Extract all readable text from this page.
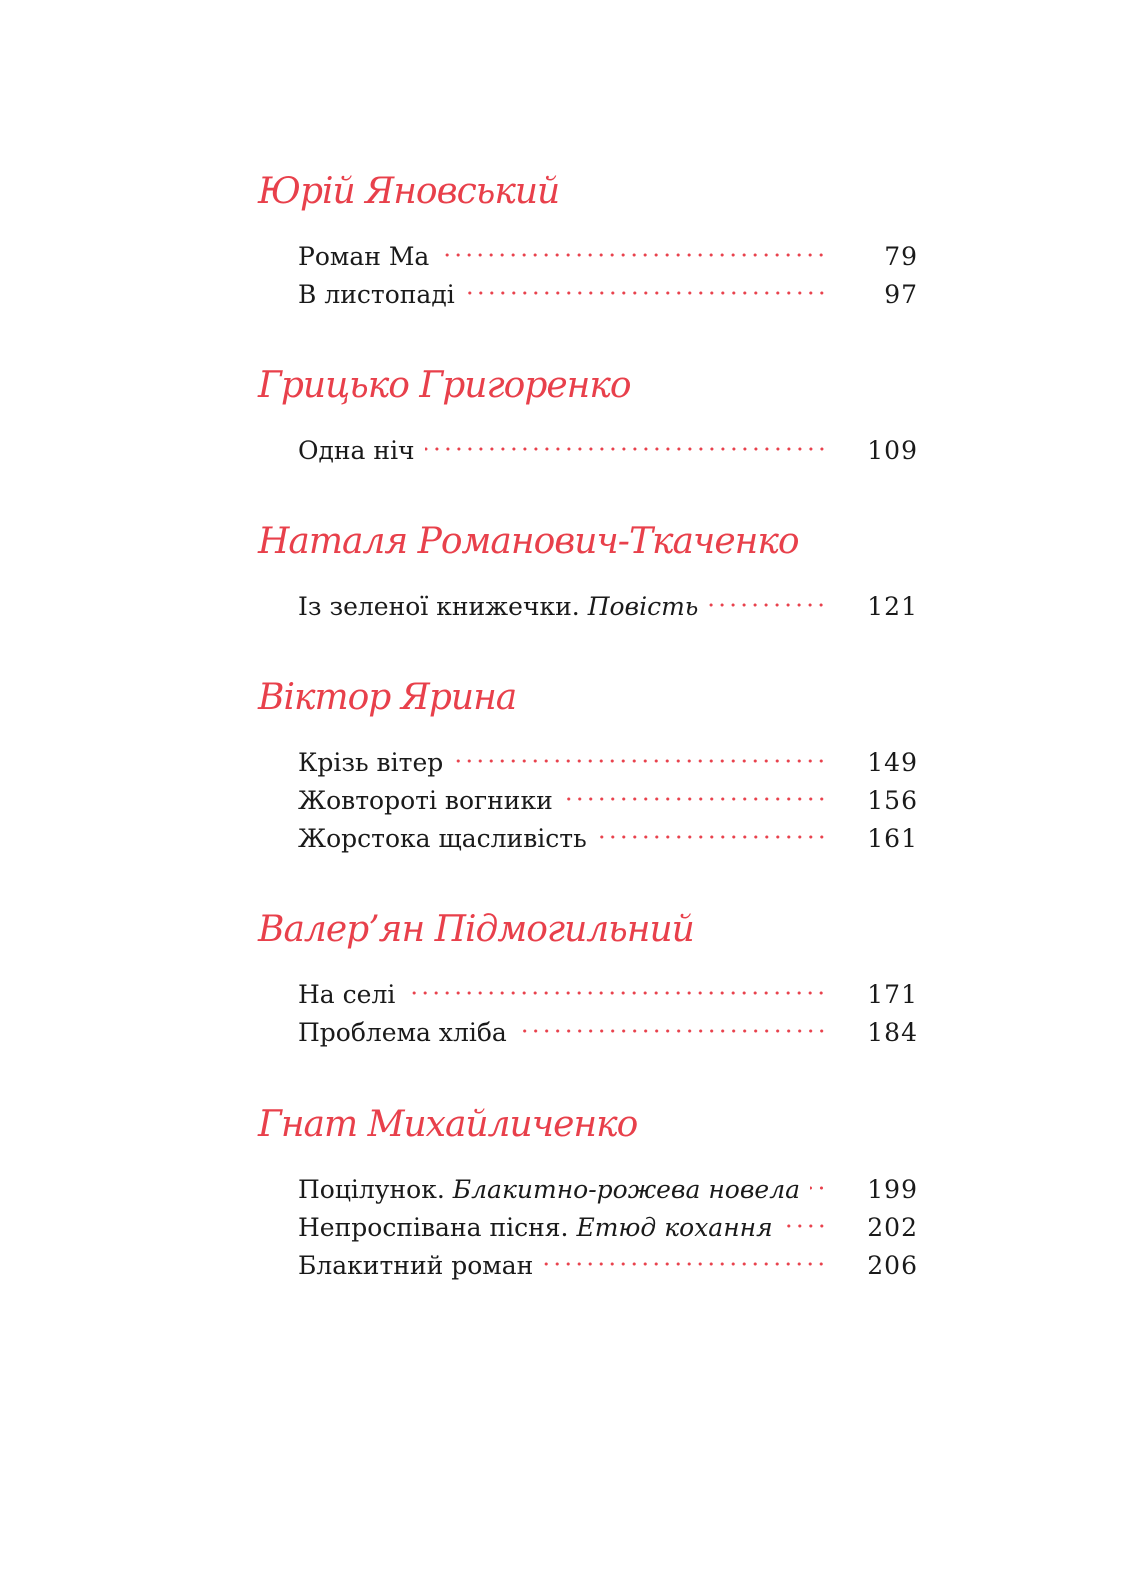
Юрій Яновський
Роман Ма	79
В листопаді	97
Грицько Григоренко
Одна ніч	109
Наталя Романович-Ткаченко
Із зеленої книжечки. Повість	121
Віктор Ярина
Крізь вітер	149
Жовтороті вогники	156
Жорстока щасливість	161
Валер’ян Підмогильний
На селі	171
Проблема хліба	184
Гнат Михайличенко
Поцілунок. Блакитно-рожева новела	199
Непроспівана пісня. Етюд кохання	202
Блакитний роман	206
